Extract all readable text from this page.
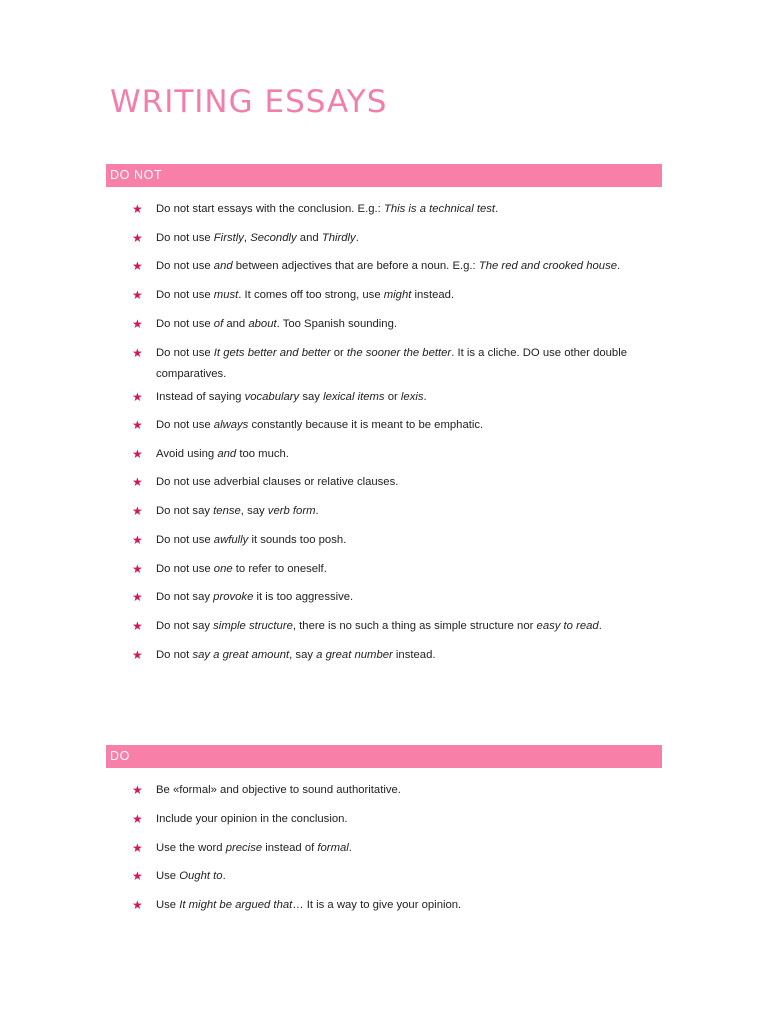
WRITING ESSAYS
DO NOT
★ Do not start essays with the conclusion. E.g.: This is a technical test.
★ Do not use Firstly, Secondly and Thirdly.
★ Do not use and between adjectives that are before a noun. E.g.: The red and crooked house.
★ Do not use must. It comes off too strong, use might instead.
★ Do not use of and about. Too Spanish sounding.
★ Do not use It gets better and better or the sooner the better. It is a cliche. DO use other double comparatives.
★ Instead of saying vocabulary say lexical items or lexis.
★ Do not use always constantly because it is meant to be emphatic.
★ Avoid using and too much.
★ Do not use adverbial clauses or relative clauses.
★ Do not say tense, say verb form.
★ Do not use awfully it sounds too posh.
★ Do not use one to refer to oneself.
★ Do not say provoke it is too aggressive.
★ Do not say simple structure, there is no such a thing as simple structure nor easy to read.
★ Do not say a great amount, say a great number instead.
DO
★ Be «formal» and objective to sound authoritative.
★ Include your opinion in the conclusion.
★ Use the word precise instead of formal.
★ Use Ought to.
★ Use It might be argued that… It is a way to give your opinion.
